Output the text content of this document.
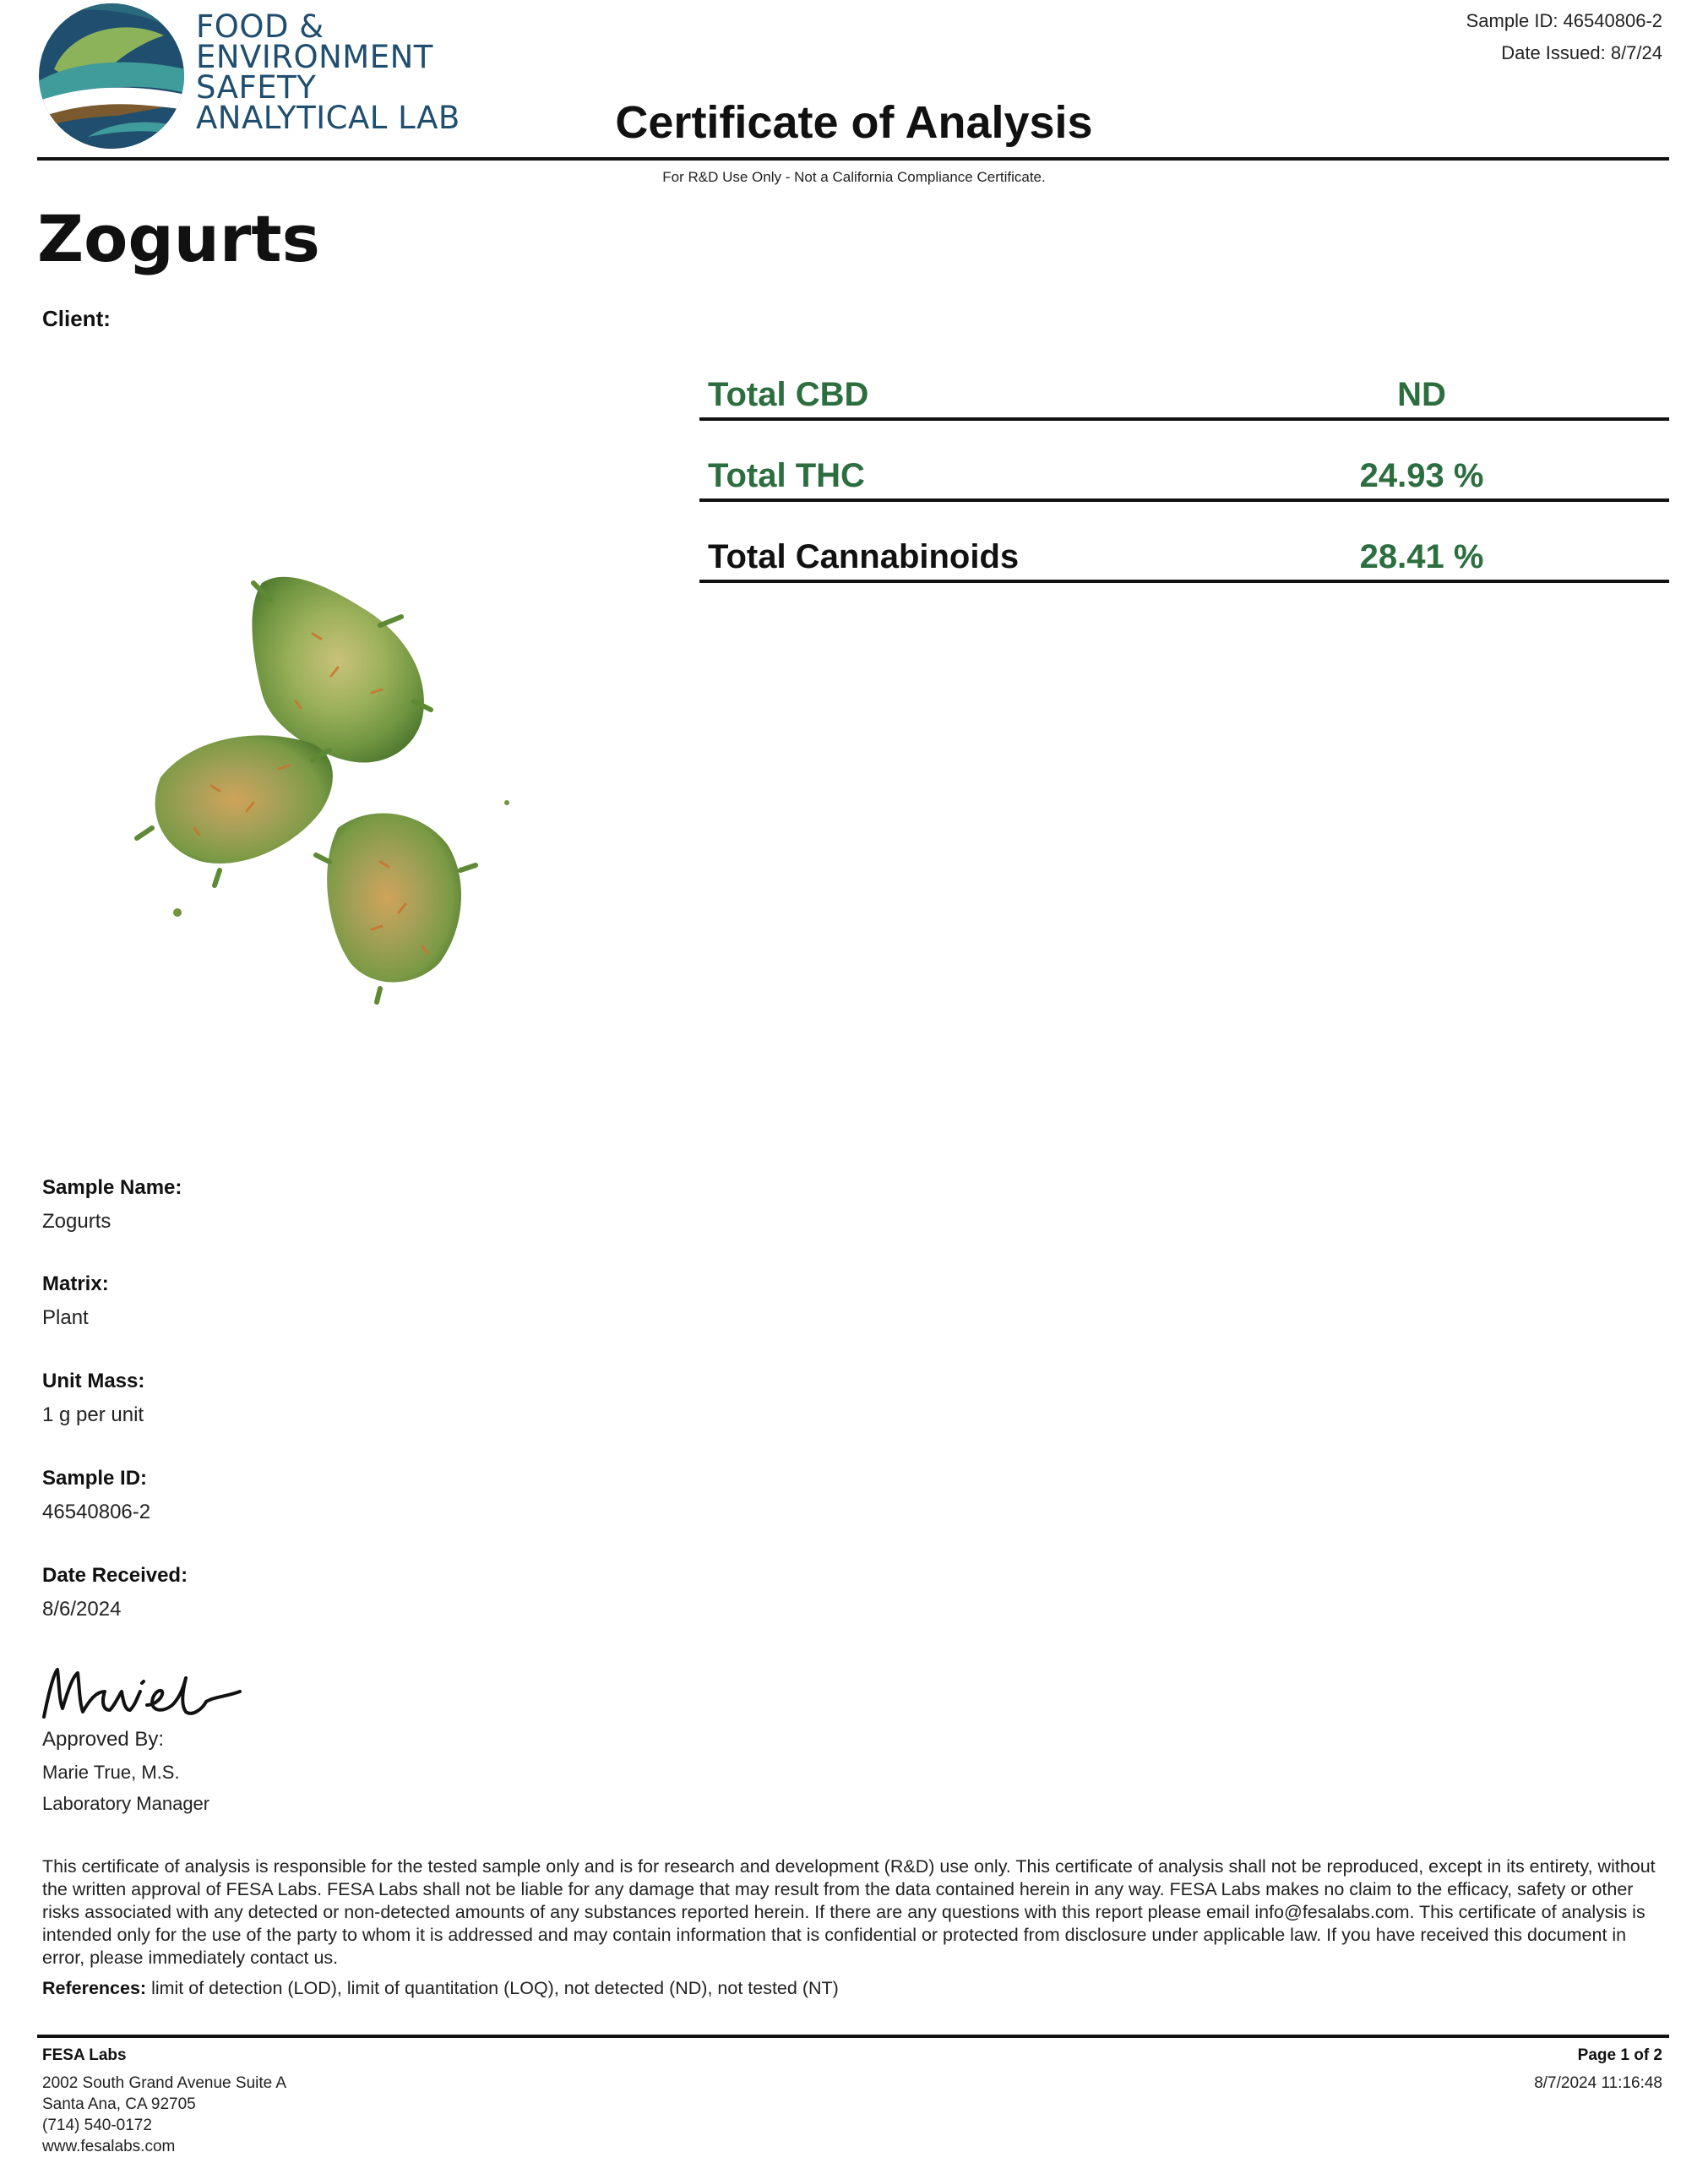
FOOD &
ENVIRONMENT
SAFETY
ANALYTICAL LAB	Certificate of Analysis
Sample ID: 46540806-2
Date Issued: 8/7/24
For R&D Use Only - Not a California Compliance Certificate.
Zogurts
Client:
Total CBD	ND
Total THC	24.93 %
Total Cannabinoids	28.41 %
Sample Name:
Zogurts
Matrix:
Plant
Unit Mass:
1 g per unit
Sample ID:
46540806-2
Date Received:
8/6/2024
Approved By:
Marie True, M.S.
Laboratory Manager
This certificate of analysis is responsible for the tested sample only and is for research and development (R&D) use only. This certificate of analysis shall not be reproduced, except in its entirety, without the written approval of FESA Labs. FESA Labs shall not be liable for any damage that may result from the data contained herein in any way. FESA Labs makes no claim to the efficacy, safety or other risks associated with any detected or non-detected amounts of any substances reported herein. If there are any questions with this report please email info@fesalabs.com. This certificate of analysis is intended only for the use of the party to whom it is addressed and may contain information that is confidential or protected from disclosure under applicable law. If you have received this document in error, please immediately contact us.
References: limit of detection (LOD), limit of quantitation (LOQ), not detected (ND), not tested (NT)
FESA Labs
2002 South Grand Avenue Suite A
Santa Ana, CA 92705
(714) 540-0172
www.fesalabs.com
Page 1 of 2
8/7/2024 11:16:48
